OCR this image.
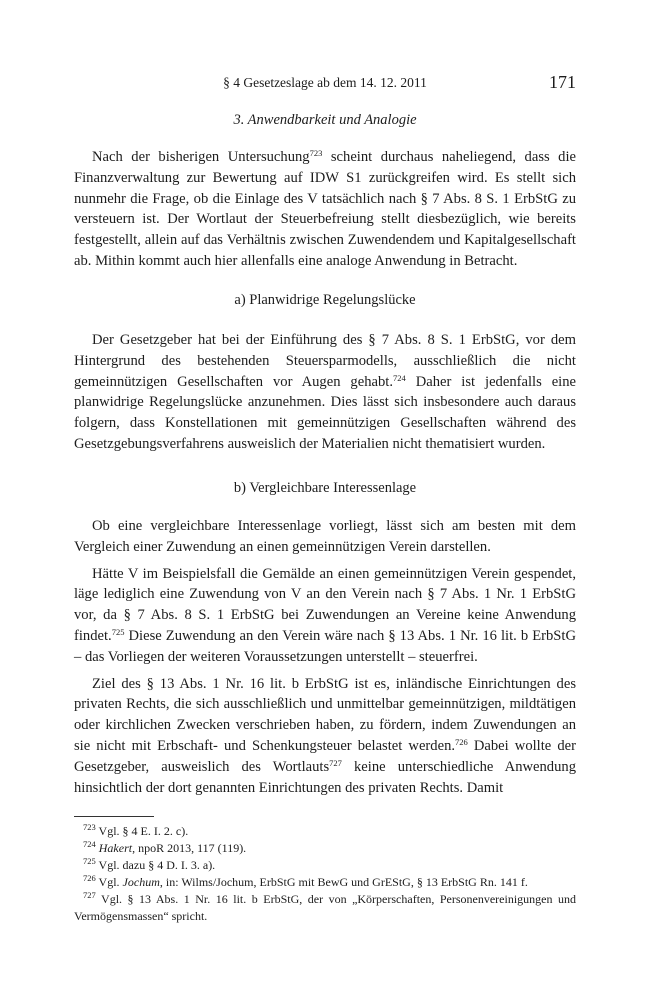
§ 4 Gesetzeslage ab dem 14. 12. 2011	171
3. Anwendbarkeit und Analogie

Nach der bisherigen Untersuchung$^{723}$ scheint durchaus naheliegend, dass die Finanzverwaltung zur Bewertung auf IDW S1 zurückgreifen wird. Es stellt sich nunmehr die Frage, ob die Einlage des V tatsächlich nach § 7 Abs. 8 S. 1 ErbStG zu versteuern ist. Der Wortlaut der Steuerbefreiung stellt diesbezüglich, wie bereits festgestellt, allein auf das Verhältnis zwischen Zuwendendem und Kapitalgesellschaft ab. Mithin kommt auch hier allenfalls eine analoge Anwendung in Betracht.

a) Planwidrige Regelungslücke

Der Gesetzgeber hat bei der Einführung des § 7 Abs. 8 S. 1 ErbStG, vor dem Hintergrund des bestehenden Steuersparmodells, ausschließlich die nicht gemeinnützigen Gesellschaften vor Augen gehabt.$^{724}$ Daher ist jedenfalls eine planwidrige Regelungslücke anzunehmen. Dies lässt sich insbesondere auch daraus folgern, dass Konstellationen mit gemeinnützigen Gesellschaften während des Gesetzgebungsverfahrens ausweislich der Materialien nicht thematisiert wurden.

b) Vergleichbare Interessenlage

Ob eine vergleichbare Interessenlage vorliegt, lässt sich am besten mit dem Vergleich einer Zuwendung an einen gemeinnützigen Verein darstellen.

Hätte V im Beispielsfall die Gemälde an einen gemeinnützigen Verein gespendet, läge lediglich eine Zuwendung von V an den Verein nach § 7 Abs. 1 Nr. 1 ErbStG vor, da § 7 Abs. 8 S. 1 ErbStG bei Zuwendungen an Vereine keine Anwendung findet.$^{725}$ Diese Zuwendung an den Verein wäre nach § 13 Abs. 1 Nr. 16 lit. b ErbStG – das Vorliegen der weiteren Voraussetzungen unterstellt – steuerfrei.

Ziel des § 13 Abs. 1 Nr. 16 lit. b ErbStG ist es, inländische Einrichtungen des privaten Rechts, die sich ausschließlich und unmittelbar gemeinnützigen, mildtätigen oder kirchlichen Zwecken verschrieben haben, zu fördern, indem Zuwendungen an sie nicht mit Erbschaft- und Schenkungsteuer belastet werden.$^{726}$ Dabei wollte der Gesetzgeber, ausweislich des Wortlauts$^{727}$ keine unterschiedliche Anwendung hinsichtlich der dort genannten Einrichtungen des privaten Rechts. Damit

$^{723}$ Vgl. § 4 E. I. 2. c).

$^{724}$ Hakert, npoR 2013, 117 (119).

$^{725}$ Vgl. dazu § 4 D. I. 3. a).

$^{726}$ Vgl. Jochum, in: Wilms/Jochum, ErbStG mit BewG und GrEStG, § 13 ErbStG Rn. 141 f.

$^{727}$ Vgl. § 13 Abs. 1 Nr. 16 lit. b ErbStG, der von „Körperschaften, Personenvereinigungen und Vermögensmassen“ spricht.
